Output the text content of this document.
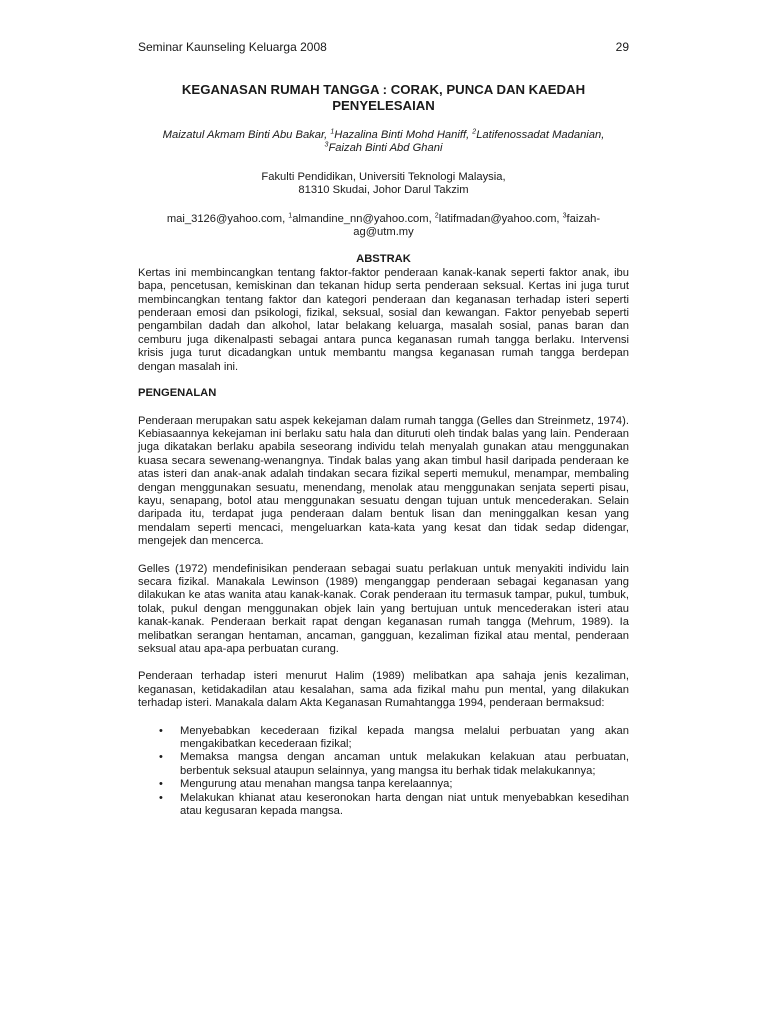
Seminar Kaunseling Keluarga 2008	29
KEGANASAN RUMAH TANGGA : CORAK, PUNCA DAN KAEDAH PENYELESAIAN
Maizatul Akmam Binti Abu Bakar, $^1$Hazalina Binti Mohd Haniff, $^2$Latifenossadat Madanian,
$^3$Faizah Binti Abd Ghani
Fakulti Pendidikan, Universiti Teknologi Malaysia,
81310 Skudai, Johor Darul Takzim
mai_3126@yahoo.com, $^1$almandine_nn@yahoo.com, $^2$latifmadan@yahoo.com, $^3$faizah-ag@utm.my
ABSTRAK

Kertas ini membincangkan tentang faktor-faktor penderaan kanak-kanak seperti faktor anak, ibu bapa, pencetusan, kemiskinan dan tekanan hidup serta penderaan seksual. Kertas ini juga turut membincangkan tentang faktor dan kategori penderaan dan keganasan terhadap isteri seperti penderaan emosi dan psikologi, fizikal, seksual, sosial dan kewangan. Faktor penyebab seperti pengambilan dadah dan alkohol, latar belakang keluarga, masalah sosial, panas baran dan cemburu juga dikenalpasti sebagai antara punca keganasan rumah tangga berlaku. Intervensi krisis juga turut dicadangkan untuk membantu mangsa keganasan rumah tangga berdepan dengan masalah ini.

PENGENALAN

Penderaan merupakan satu aspek kekejaman dalam rumah tangga (Gelles dan Streinmetz, 1974). Kebiasaannya kekejaman ini berlaku satu hala dan dituruti oleh tindak balas yang lain. Penderaan juga dikatakan berlaku apabila seseorang individu telah menyalah gunakan atau menggunakan kuasa secara sewenang-wenangnya. Tindak balas yang akan timbul hasil daripada penderaan ke atas isteri dan anak-anak adalah tindakan secara fizikal seperti memukul, menampar, membaling dengan menggunakan sesuatu, menendang, menolak atau menggunakan senjata seperti pisau, kayu, senapang, botol atau menggunakan sesuatu dengan tujuan untuk mencederakan. Selain daripada itu, terdapat juga penderaan dalam bentuk lisan dan meninggalkan kesan yang mendalam seperti mencaci, mengeluarkan kata-kata yang kesat dan tidak sedap didengar, mengejek dan mencerca.

Gelles (1972) mendefinisikan penderaan sebagai suatu perlakuan untuk menyakiti individu lain secara fizikal. Manakala Lewinson (1989) menganggap penderaan sebagai keganasan yang dilakukan ke atas wanita atau kanak-kanak. Corak penderaan itu termasuk tampar, pukul, tumbuk, tolak, pukul dengan menggunakan objek lain yang bertujuan untuk mencederakan isteri atau kanak-kanak. Penderaan berkait rapat dengan keganasan rumah tangga (Mehrum, 1989). Ia melibatkan serangan hentaman, ancaman, gangguan, kezaliman fizikal atau mental, penderaan seksual atau apa-apa perbuatan curang.

Penderaan terhadap isteri menurut Halim (1989) melibatkan apa sahaja jenis kezaliman, keganasan, ketidakadilan atau kesalahan, sama ada fizikal mahu pun mental, yang dilakukan terhadap isteri. Manakala dalam Akta Keganasan Rumahtangga 1994, penderaan bermaksud:

• Menyebabkan kecederaan fizikal kepada mangsa melalui perbuatan yang akan mengakibatkan kecederaan fizikal;
• Memaksa mangsa dengan ancaman untuk melakukan kelakuan atau perbuatan, berbentuk seksual ataupun selainnya, yang mangsa itu berhak tidak melakukannya;
• Mengurung atau menahan mangsa tanpa kerelaannya;
• Melakukan khianat atau keseronokan harta dengan niat untuk menyebabkan kesedihan atau kegusaran kepada mangsa.
